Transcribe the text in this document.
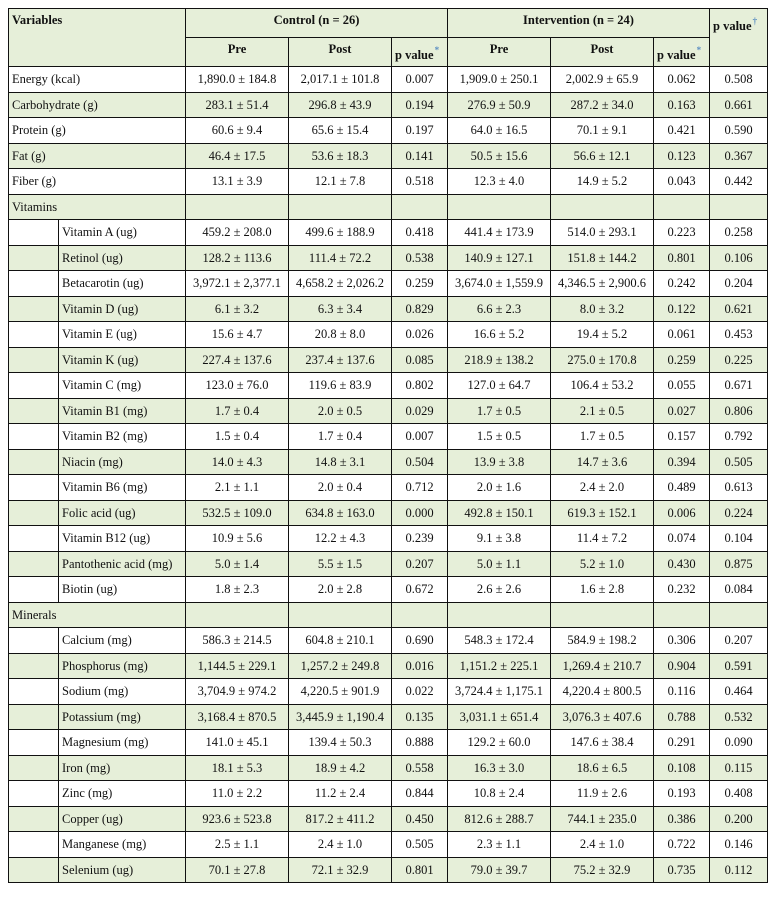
Variables		Control (n = 26)			Intervention (n = 24)			p value†
		Pre	Post	p value*	Pre	Post	p value*
Energy (kcal)		1,890.0 ± 184.8	2,017.1 ± 101.8	0.007	1,909.0 ± 250.1	2,002.9 ± 65.9	0.062	0.508
Carbohydrate (g)		283.1 ± 51.4	296.8 ± 43.9	0.194	276.9 ± 50.9	287.2 ± 34.0	0.163	0.661
Protein (g)		60.6 ± 9.4	65.6 ± 15.4	0.197	64.0 ± 16.5	70.1 ± 9.1	0.421	0.590
Fat (g)		46.4 ± 17.5	53.6 ± 18.3	0.141	50.5 ± 15.6	56.6 ± 12.1	0.123	0.367
Fiber (g)		13.1 ± 3.9	12.1 ± 7.8	0.518	12.3 ± 4.0	14.9 ± 5.2	0.043	0.442
Vitamins								
	Vitamin A (ug)	459.2 ± 208.0	499.6 ± 188.9	0.418	441.4 ± 173.9	514.0 ± 293.1	0.223	0.258
	Retinol (ug)	128.2 ± 113.6	111.4 ± 72.2	0.538	140.9 ± 127.1	151.8 ± 144.2	0.801	0.106
	Betacarotin (ug)	3,972.1 ± 2,377.1	4,658.2 ± 2,026.2	0.259	3,674.0 ± 1,559.9	4,346.5 ± 2,900.6	0.242	0.204
	Vitamin D (ug)	6.1 ± 3.2	6.3 ± 3.4	0.829	6.6 ± 2.3	8.0 ± 3.2	0.122	0.621
	Vitamin E (ug)	15.6 ± 4.7	20.8 ± 8.0	0.026	16.6 ± 5.2	19.4 ± 5.2	0.061	0.453
	Vitamin K (ug)	227.4 ± 137.6	237.4 ± 137.6	0.085	218.9 ± 138.2	275.0 ± 170.8	0.259	0.225
	Vitamin C (mg)	123.0 ± 76.0	119.6 ± 83.9	0.802	127.0 ± 64.7	106.4 ± 53.2	0.055	0.671
	Vitamin B1 (mg)	1.7 ± 0.4	2.0 ± 0.5	0.029	1.7 ± 0.5	2.1 ± 0.5	0.027	0.806
	Vitamin B2 (mg)	1.5 ± 0.4	1.7 ± 0.4	0.007	1.5 ± 0.5	1.7 ± 0.5	0.157	0.792
	Niacin (mg)	14.0 ± 4.3	14.8 ± 3.1	0.504	13.9 ± 3.8	14.7 ± 3.6	0.394	0.505
	Vitamin B6 (mg)	2.1 ± 1.1	2.0 ± 0.4	0.712	2.0 ± 1.6	2.4 ± 2.0	0.489	0.613
	Folic acid (ug)	532.5 ± 109.0	634.8 ± 163.0	0.000	492.8 ± 150.1	619.3 ± 152.1	0.006	0.224
	Vitamin B12 (ug)	10.9 ± 5.6	12.2 ± 4.3	0.239	9.1 ± 3.8	11.4 ± 7.2	0.074	0.104
	Pantothenic acid (mg)	5.0 ± 1.4	5.5 ± 1.5	0.207	5.0 ± 1.1	5.2 ± 1.0	0.430	0.875
	Biotin (ug)	1.8 ± 2.3	2.0 ± 2.8	0.672	2.6 ± 2.6	1.6 ± 2.8	0.232	0.084
Minerals								
	Calcium (mg)	586.3 ± 214.5	604.8 ± 210.1	0.690	548.3 ± 172.4	584.9 ± 198.2	0.306	0.207
	Phosphorus (mg)	1,144.5 ± 229.1	1,257.2 ± 249.8	0.016	1,151.2 ± 225.1	1,269.4 ± 210.7	0.904	0.591
	Sodium (mg)	3,704.9 ± 974.2	4,220.5 ± 901.9	0.022	3,724.4 ± 1,175.1	4,220.4 ± 800.5	0.116	0.464
	Potassium (mg)	3,168.4 ± 870.5	3,445.9 ± 1,190.4	0.135	3,031.1 ± 651.4	3,076.3 ± 407.6	0.788	0.532
	Magnesium (mg)	141.0 ± 45.1	139.4 ± 50.3	0.888	129.2 ± 60.0	147.6 ± 38.4	0.291	0.090
	Iron (mg)	18.1 ± 5.3	18.9 ± 4.2	0.558	16.3 ± 3.0	18.6 ± 6.5	0.108	0.115
	Zinc (mg)	11.0 ± 2.2	11.2 ± 2.4	0.844	10.8 ± 2.4	11.9 ± 2.6	0.193	0.408
	Copper (ug)	923.6 ± 523.8	817.2 ± 411.2	0.450	812.6 ± 288.7	744.1 ± 235.0	0.386	0.200
	Manganese (mg)	2.5 ± 1.1	2.4 ± 1.0	0.505	2.3 ± 1.1	2.4 ± 1.0	0.722	0.146
	Selenium (ug)	70.1 ± 27.8	72.1 ± 32.9	0.801	79.0 ± 39.7	75.2 ± 32.9	0.735	0.112
